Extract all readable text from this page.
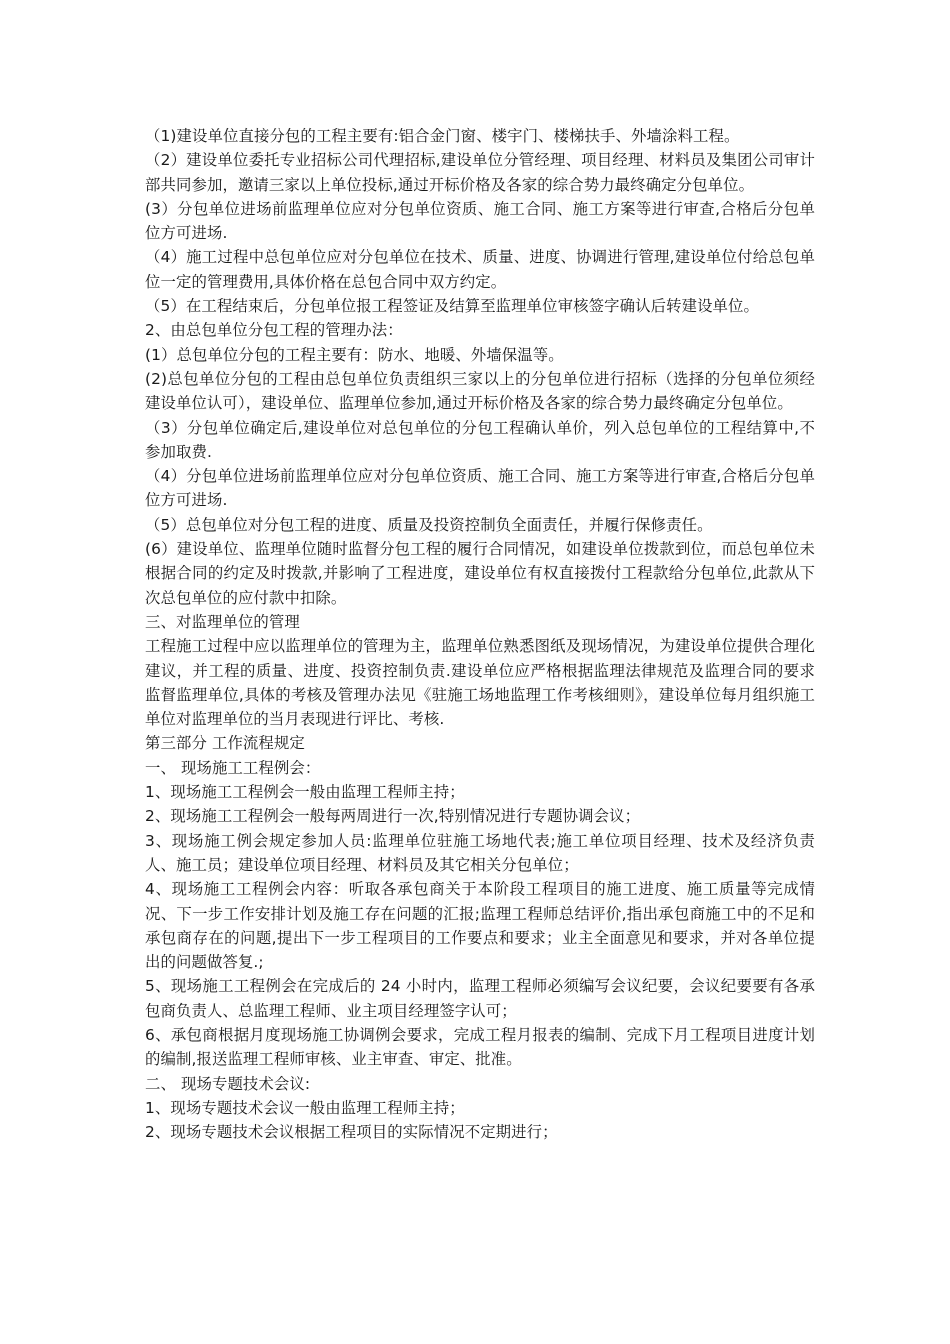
（1)建设单位直接分包的工程主要有:铝合金门窗、楼宇门、楼梯扶手、外墙涂料工程。

（2）建设单位委托专业招标公司代理招标,建设单位分管经理、项目经理、材料员及集团公司审计部共同参加，邀请三家以上单位投标,通过开标价格及各家的综合势力最终确定分包单位。

(3）分包单位进场前监理单位应对分包单位资质、施工合同、施工方案等进行审查,合格后分包单位方可进场.

（4）施工过程中总包单位应对分包单位在技术、质量、进度、协调进行管理,建设单位付给总包单位一定的管理费用,具体价格在总包合同中双方约定。

（5）在工程结束后，分包单位报工程签证及结算至监理单位审核签字确认后转建设单位。

2、由总包单位分包工程的管理办法：

(1）总包单位分包的工程主要有：防水、地暖、外墙保温等。

(2)总包单位分包的工程由总包单位负责组织三家以上的分包单位进行招标（选择的分包单位须经建设单位认可），建设单位、监理单位参加,通过开标价格及各家的综合势力最终确定分包单位。

（3）分包单位确定后,建设单位对总包单位的分包工程确认单价，列入总包单位的工程结算中,不参加取费.

（4）分包单位进场前监理单位应对分包单位资质、施工合同、施工方案等进行审查,合格后分包单位方可进场.

（5）总包单位对分包工程的进度、质量及投资控制负全面责任，并履行保修责任。

(6）建设单位、监理单位随时监督分包工程的履行合同情况，如建设单位拨款到位，而总包单位未根据合同的约定及时拨款,并影响了工程进度，建设单位有权直接拨付工程款给分包单位,此款从下次总包单位的应付款中扣除。

三、对监理单位的管理

工程施工过程中应以监理单位的管理为主，监理单位熟悉图纸及现场情况，为建设单位提供合理化建议，并工程的质量、进度、投资控制负责.建设单位应严格根据监理法律规范及监理合同的要求监督监理单位,具体的考核及管理办法见《驻施工场地监理工作考核细则》，建设单位每月组织施工单位对监理单位的当月表现进行评比、考核.

第三部分 工作流程规定

一、 现场施工工程例会：

1、现场施工工程例会一般由监理工程师主持；

2、现场施工工程例会一般每两周进行一次,特别情况进行专题协调会议；

3、现场施工例会规定参加人员:监理单位驻施工场地代表;施工单位项目经理、技术及经济负责人、施工员；建设单位项目经理、材料员及其它相关分包单位；

4、现场施工工程例会内容：听取各承包商关于本阶段工程项目的施工进度、施工质量等完成情况、下一步工作安排计划及施工存在问题的汇报;监理工程师总结评价,指出承包商施工中的不足和承包商存在的问题,提出下一步工程项目的工作要点和要求；业主全面意见和要求，并对各单位提出的问题做答复.;

5、现场施工工程例会在完成后的 24 小时内，监理工程师必须编写会议纪要，会议纪要要有各承包商负责人、总监理工程师、业主项目经理签字认可；

6、承包商根据月度现场施工协调例会要求，完成工程月报表的编制、完成下月工程项目进度计划的编制,报送监理工程师审核、业主审查、审定、批准。

二、 现场专题技术会议:

1、现场专题技术会议一般由监理工程师主持；

2、现场专题技术会议根据工程项目的实际情况不定期进行；
